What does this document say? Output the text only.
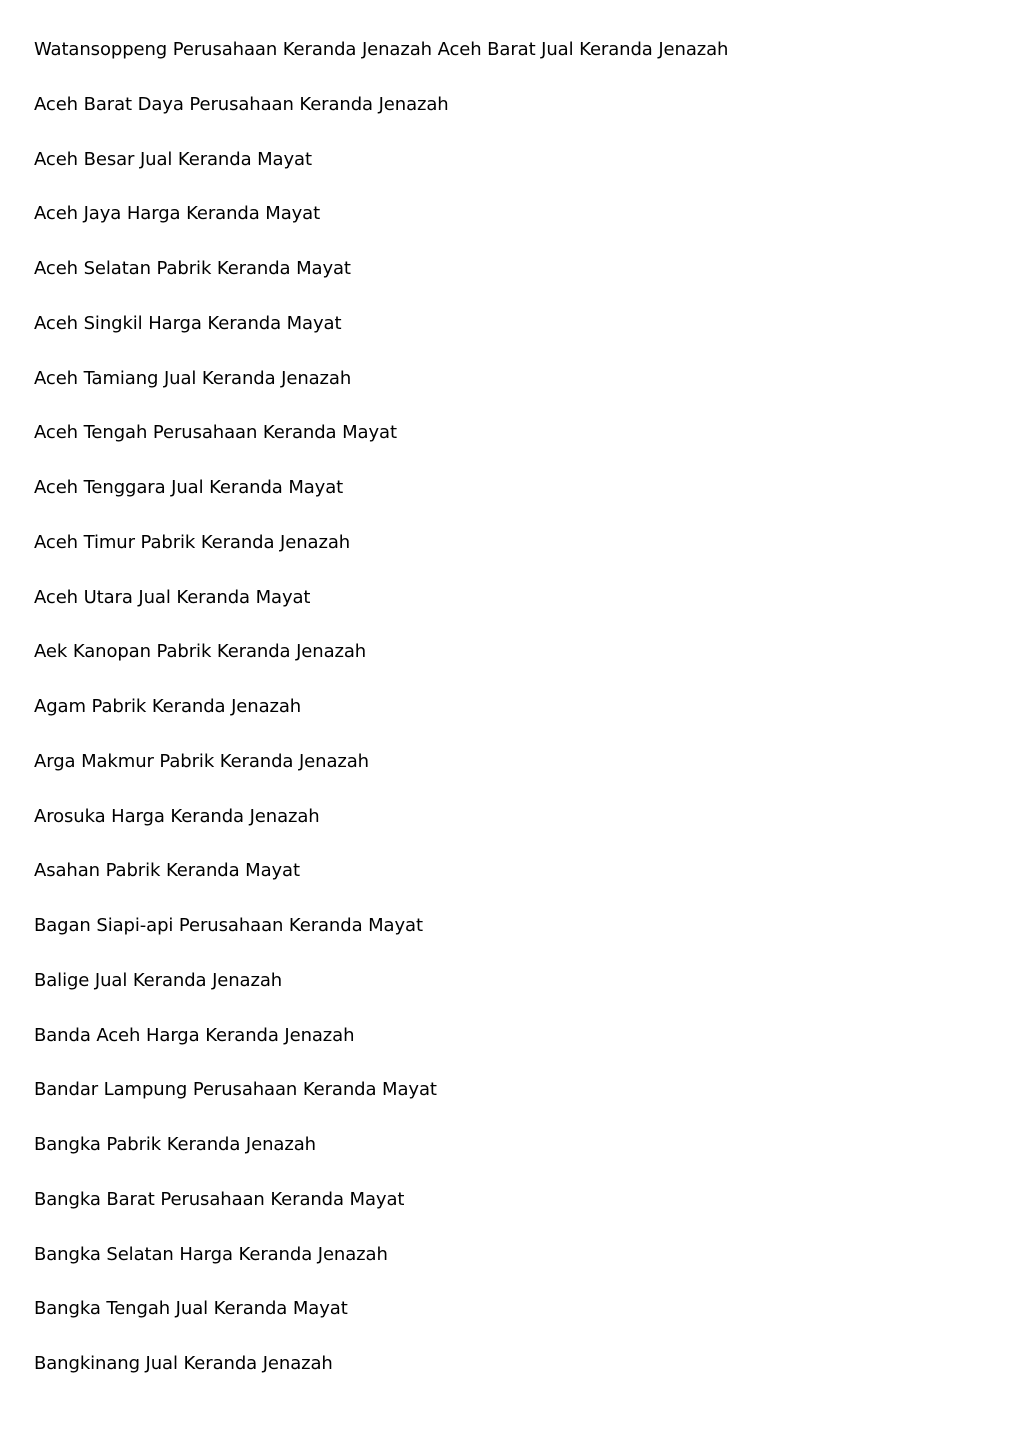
Watansoppeng Perusahaan Keranda Jenazah Aceh Barat Jual Keranda Jenazah
Aceh Barat Daya Perusahaan Keranda Jenazah
Aceh Besar Jual Keranda Mayat
Aceh Jaya Harga Keranda Mayat
Aceh Selatan Pabrik Keranda Mayat
Aceh Singkil Harga Keranda Mayat
Aceh Tamiang Jual Keranda Jenazah
Aceh Tengah Perusahaan Keranda Mayat
Aceh Tenggara Jual Keranda Mayat
Aceh Timur Pabrik Keranda Jenazah
Aceh Utara Jual Keranda Mayat
Aek Kanopan Pabrik Keranda Jenazah
Agam Pabrik Keranda Jenazah
Arga Makmur Pabrik Keranda Jenazah
Arosuka Harga Keranda Jenazah
Asahan Pabrik Keranda Mayat
Bagan Siapi-api Perusahaan Keranda Mayat
Balige Jual Keranda Jenazah
Banda Aceh Harga Keranda Jenazah
Bandar Lampung Perusahaan Keranda Mayat
Bangka Pabrik Keranda Jenazah
Bangka Barat Perusahaan Keranda Mayat
Bangka Selatan Harga Keranda Jenazah
Bangka Tengah Jual Keranda Mayat
Bangkinang Jual Keranda Jenazah
